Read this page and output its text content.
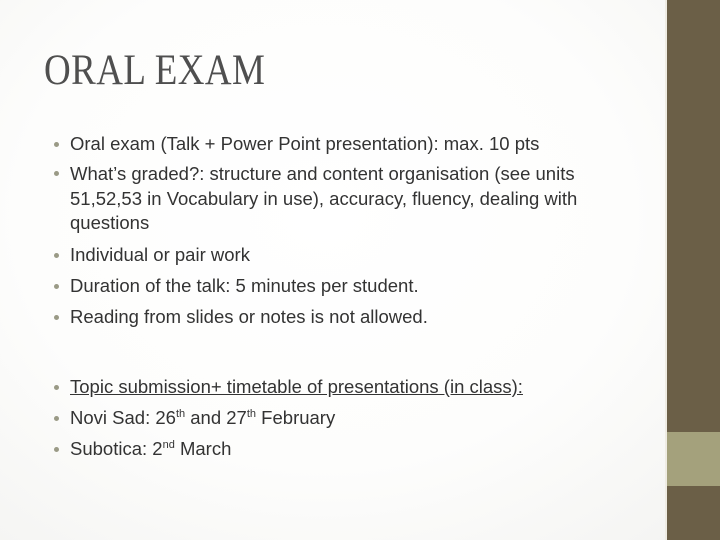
ORAL EXAM
Oral exam (Talk + Power Point presentation): max. 10 pts
What’s graded?: structure and content organisation (see units 51,52,53 in Vocabulary in use), accuracy, fluency, dealing with questions
Individual or pair work
Duration of the talk: 5 minutes per student.
Reading from slides or notes is not allowed.
Topic submission+ timetable of presentations (in class):
Novi Sad: 26th and 27th February
Subotica: 2nd March
